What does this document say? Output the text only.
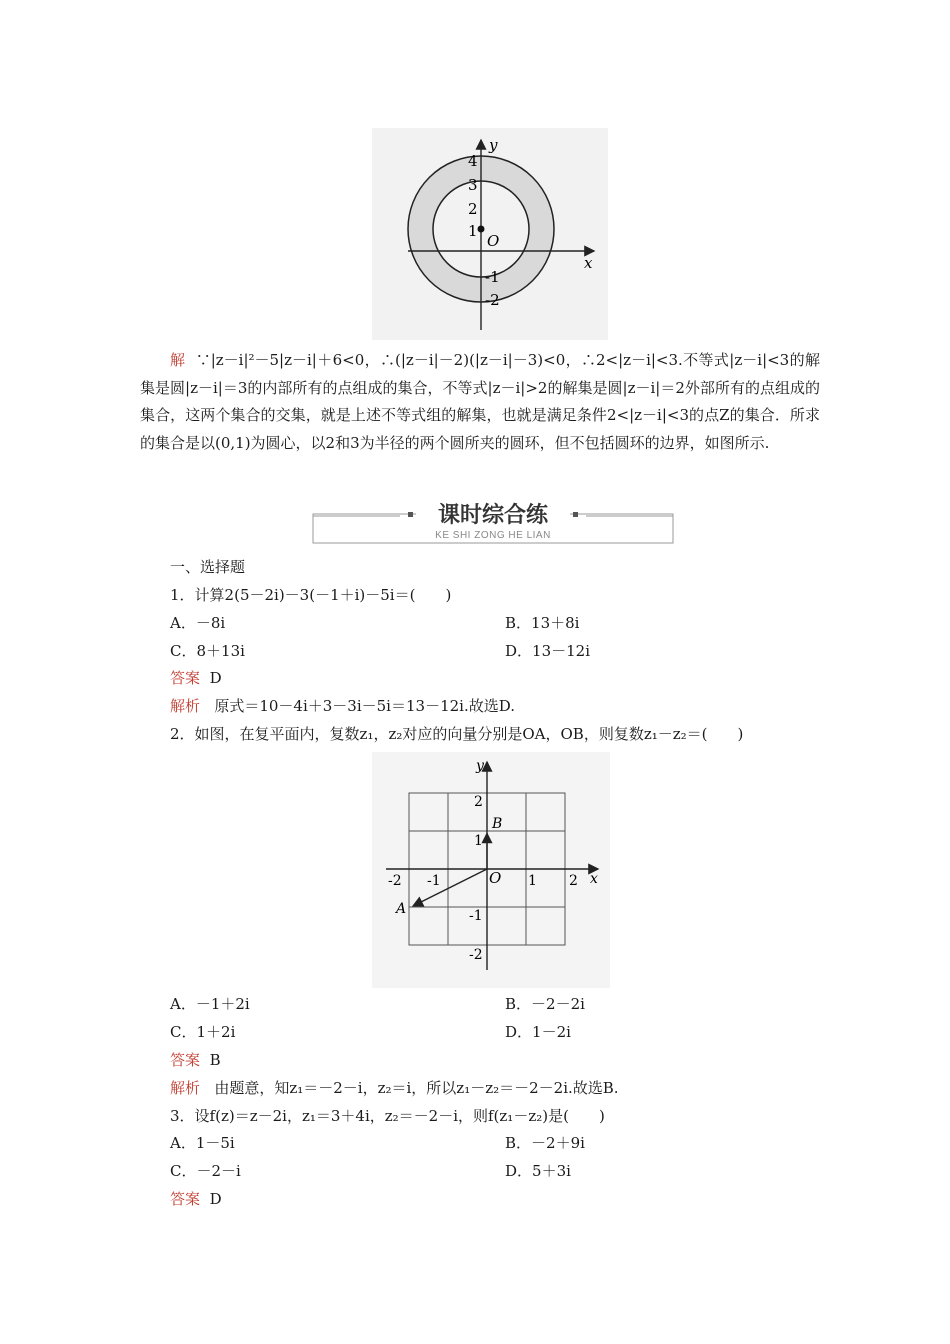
y
x
O
4
3
2
1
-1
-2
解 ∵|z－i|²－5|z－i|＋6<0，∴(|z－i|－2)(|z－i|－3)<0，∴2<|z－i|<3.不等式|z－i|<3的解集是圆|z－i|＝3的内部所有的点组成的集合，不等式|z－i|>2的解集是圆|z－i|＝2外部所有的点组成的集合，这两个集合的交集，就是上述不等式组的解集，也就是满足条件2<|z－i|<3的点Z的集合．所求的集合是以(0,1)为圆心，以2和3为半径的两个圆所夹的圆环，但不包括圆环的边界，如图所示.
课时综合练
KE SHI ZONG HE LIAN
一、选择题
1．计算2(5－2i)－3(－1＋i)－5i＝(　　)
A．－8i	B．13＋8i
C．8＋13i	D．13－12i
答案 D
解析 原式＝10－4i＋3－3i－5i＝13－12i.故选D.
2．如图，在复平面内，复数z₁，z₂对应的向量分别是OA，OB，则复数z₁－z₂＝(　　)
y
x
O
B
A
-2 -1	1 2
2
1
-1
-2
A．－1＋2i	B．－2－2i
C．1＋2i	D．1－2i
答案 B
解析 由题意，知z₁＝－2－i，z₂＝i，所以z₁－z₂＝－2－2i.故选B.
3．设f(z)＝z－2i，z₁＝3＋4i，z₂＝－2－i，则f(z₁－z₂)是(　　)
A．1－5i	B．－2＋9i
C．－2－i	D．5＋3i
答案 D
